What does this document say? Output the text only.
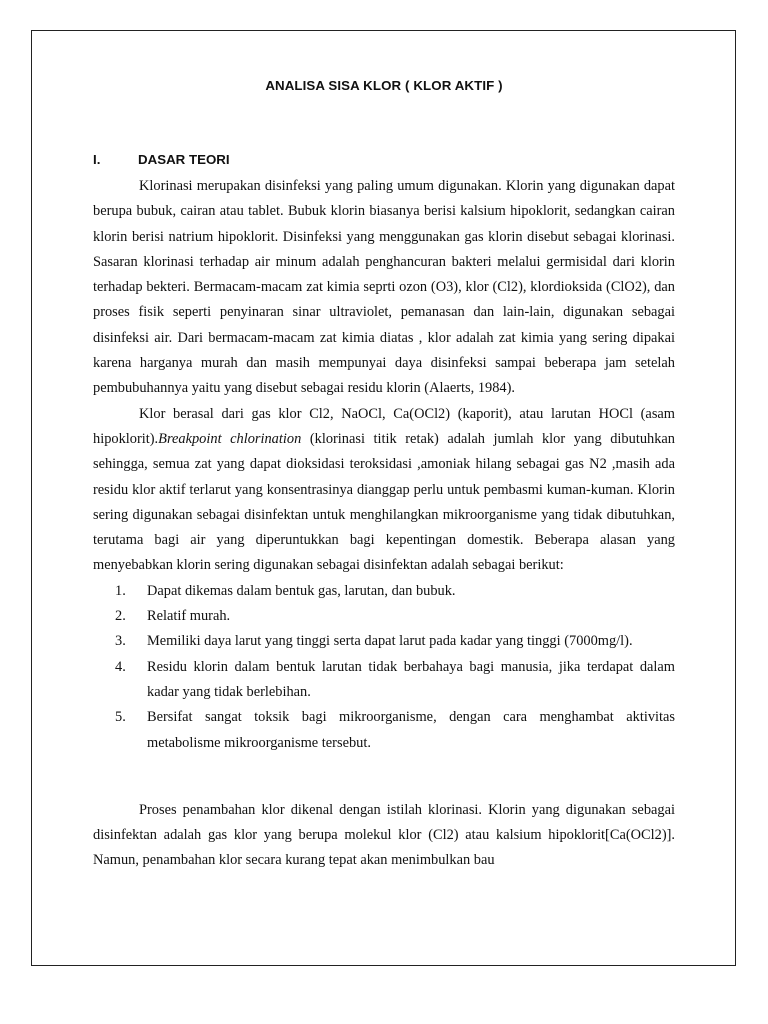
ANALISA SISA KLOR ( KLOR AKTIF )
I.	DASAR TEORI

Klorinasi merupakan disinfeksi yang paling umum digunakan. Klorin yang digunakan dapat berupa bubuk, cairan atau tablet. Bubuk klorin biasanya berisi kalsium hipoklorit, sedangkan cairan klorin berisi natrium hipoklorit. Disinfeksi yang menggunakan gas klorin disebut sebagai klorinasi. Sasaran klorinasi terhadap air minum adalah penghancuran bakteri melalui germisidal dari klorin terhadap bekteri. Bermacam-macam zat kimia seprti ozon (O3), klor (Cl2), klordioksida (ClO2), dan proses fisik seperti penyinaran sinar ultraviolet, pemanasan dan lain-lain, digunakan sebagai disinfeksi air. Dari bermacam-macam zat kimia diatas , klor adalah zat kimia yang sering dipakai karena harganya murah dan masih mempunyai daya disinfeksi sampai beberapa jam setelah pembubuhannya yaitu yang disebut sebagai residu klorin (Alaerts, 1984).

Klor berasal dari gas klor Cl2, NaOCl, Ca(OCl2) (kaporit), atau larutan HOCl (asam hipoklorit).Breakpoint chlorination (klorinasi titik retak) adalah jumlah klor yang dibutuhkan sehingga, semua zat yang dapat dioksidasi teroksidasi ,amoniak hilang sebagai gas N2 ,masih ada residu klor aktif terlarut yang konsentrasinya dianggap perlu untuk pembasmi kuman-kuman. Klorin sering digunakan sebagai disinfektan untuk menghilangkan mikroorganisme yang tidak dibutuhkan, terutama bagi air yang diperuntukkan bagi kepentingan domestik. Beberapa alasan yang menyebabkan klorin sering digunakan sebagai disinfektan adalah sebagai berikut:

1. Dapat dikemas dalam bentuk gas, larutan, dan bubuk.
2. Relatif murah.
3. Memiliki daya larut yang tinggi serta dapat larut pada kadar yang tinggi (7000mg/l).
4. Residu klorin dalam bentuk larutan tidak berbahaya bagi manusia, jika terdapat dalam kadar yang tidak berlebihan.
5. Bersifat sangat toksik bagi mikroorganisme, dengan cara menghambat aktivitas metabolisme mikroorganisme tersebut.

Proses penambahan klor dikenal dengan istilah klorinasi. Klorin yang digunakan sebagai disinfektan adalah gas klor yang berupa molekul klor (Cl2) atau kalsium hipoklorit[Ca(OCl2)]. Namun, penambahan klor secara kurang tepat akan menimbulkan bau
